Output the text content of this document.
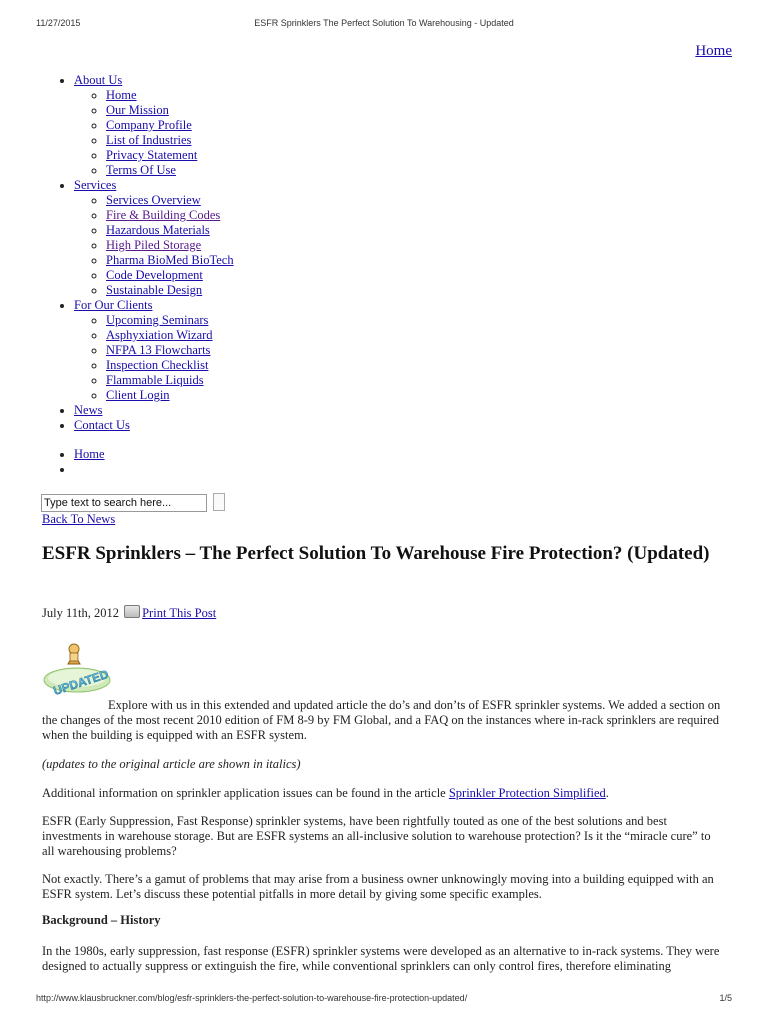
11/27/2015	ESFR Sprinklers The Perfect Solution To Warehousing - Updated
Home
• About Us
◦ Home
◦ Our Mission
◦ Company Profile
◦ List of Industries
◦ Privacy Statement
◦ Terms Of Use
• Services
◦ Services Overview
◦ Fire & Building Codes
◦ Hazardous Materials
◦ High Piled Storage
◦ Pharma BioMed BioTech
◦ Code Development
◦ Sustainable Design
• For Our Clients
◦ Upcoming Seminars
◦ Asphyxiation Wizard
◦ NFPA 13 Flowcharts
◦ Inspection Checklist
◦ Flammable Liquids
◦ Client Login
• News
• Contact Us
• Home
•
Type text to search here...
Back To News
ESFR Sprinklers – The Perfect Solution To Warehouse Fire Protection? (Updated)
July 11th, 2012 Print This Post
UPDATED

Explore with us in this extended and updated article the do’s and don’ts of ESFR sprinkler systems. We added a section on the changes of the most recent 2010 edition of FM 8-9 by FM Global, and a FAQ on the instances where in-rack sprinklers are required when the building is equipped with an ESFR system.

(updates to the original article are shown in italics)

Additional information on sprinkler application issues can be found in the article Sprinkler Protection Simplified.

ESFR (Early Suppression, Fast Response) sprinkler systems, have been rightfully touted as one of the best solutions and best investments in warehouse storage. But are ESFR systems an all-inclusive solution to warehouse protection? Is it the “miracle cure” to all warehousing problems?

Not exactly. There’s a gamut of problems that may arise from a business owner unknowingly moving into a building equipped with an ESFR system. Let’s discuss these potential pitfalls in more detail by giving some specific examples.

Background – History

In the 1980s, early suppression, fast response (ESFR) sprinkler systems were developed as an alternative to in-rack systems. They were designed to actually suppress or extinguish the fire, while conventional sprinklers can only control fires, therefore eliminating

http://www.klausbruckner.com/blog/esfr-sprinklers-the-perfect-solution-to-warehouse-fire-protection-updated/	1/5
